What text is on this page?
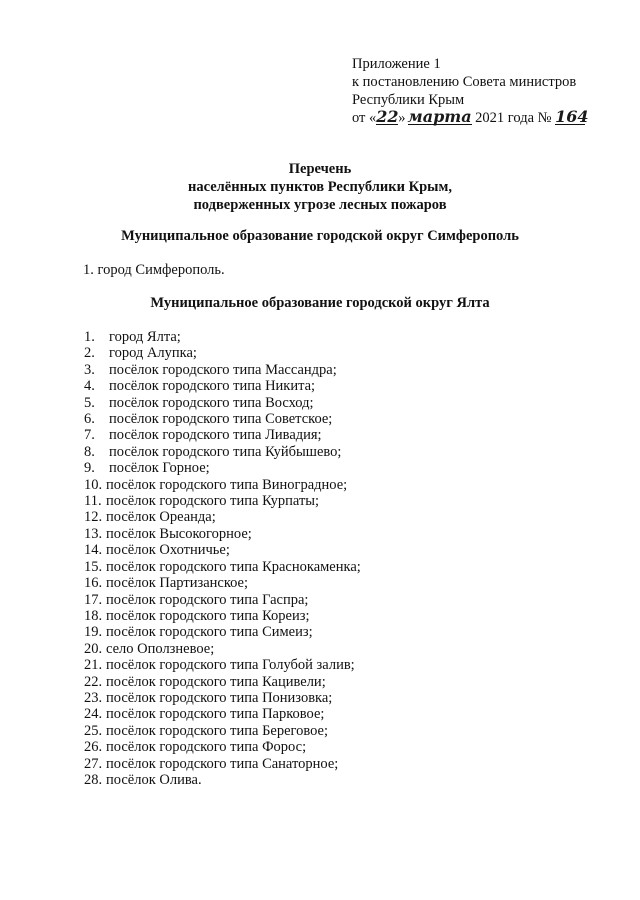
Приложение 1
к постановлению Совета министров
Республики Крым
от «22» марта 2021 года № 164
Перечень
населённых пунктов Республики Крым,
подверженных угрозе лесных пожаров
Муниципальное образование городской округ Симферополь
1. город Симферополь.
Муниципальное образование городской округ Ялта
1. город Ялта;
2. город Алупка;
3. посёлок городского типа Массандра;
4. посёлок городского типа Никита;
5. посёлок городского типа Восход;
6. посёлок городского типа Советское;
7. посёлок городского типа Ливадия;
8. посёлок городского типа Куйбышево;
9. посёлок Горное;
10. посёлок городского типа Виноградное;
11. посёлок городского типа Курпаты;
12. посёлок Ореанда;
13. посёлок Высокогорное;
14. посёлок Охотничье;
15. посёлок городского типа Краснокаменка;
16. посёлок Партизанское;
17. посёлок городского типа Гаспра;
18. посёлок городского типа Кореиз;
19. посёлок городского типа Симеиз;
20. село Оползневое;
21. посёлок городского типа Голубой залив;
22. посёлок городского типа Кацивели;
23. посёлок городского типа Понизовка;
24. посёлок городского типа Парковое;
25. посёлок городского типа Береговое;
26. посёлок городского типа Форос;
27. посёлок городского типа Санаторное;
28. посёлок Олива.
